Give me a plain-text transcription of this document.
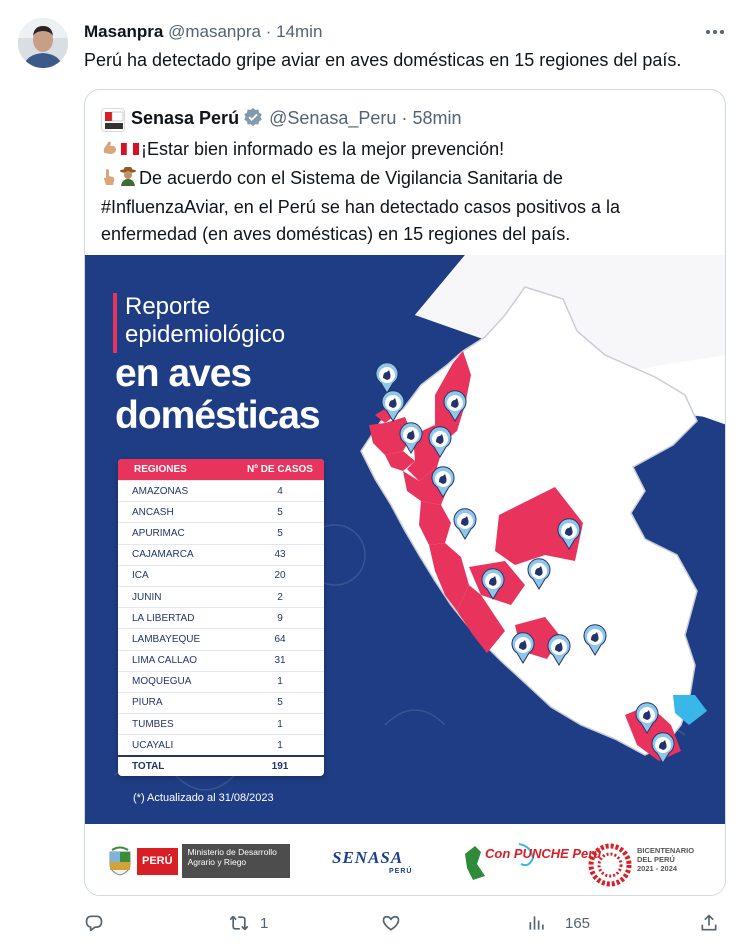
Masanpra @masanpra · 14min
Perú ha detectado gripe aviar en aves domésticas en 15 regiones del país.
Senasa Perú @Senasa_Peru · 58min
¡Estar bien informado es la mejor prevención!
De acuerdo con el Sistema de Vigilancia Sanitaria de
#InfluenzaAviar, en el Perú se han detectado casos positivos a la
enfermedad (en aves domésticas) en 15 regiones del país.
Reporte
epidemiológico
en aves
domésticas
REGIONES	Nº DE CASOS
AMAZONAS	4
ANCASH	5
APURIMAC	5
CAJAMARCA	43
ICA	20
JUNIN	2
LA LIBERTAD	9
LAMBAYEQUE	64
LIMA CALLAO	31
MOQUEGUA	1
PIURA	5
TUMBES	1
UCAYALI	1
TOTAL	191
(*) Actualizado al 31/08/2023
PERÚ
Ministerio de Desarrollo Agrario y Riego	SENASA
PERÚ
Con PUNCHE Perú	BICENTENARIO
DEL PERÚ
2021 - 2024
1	165
